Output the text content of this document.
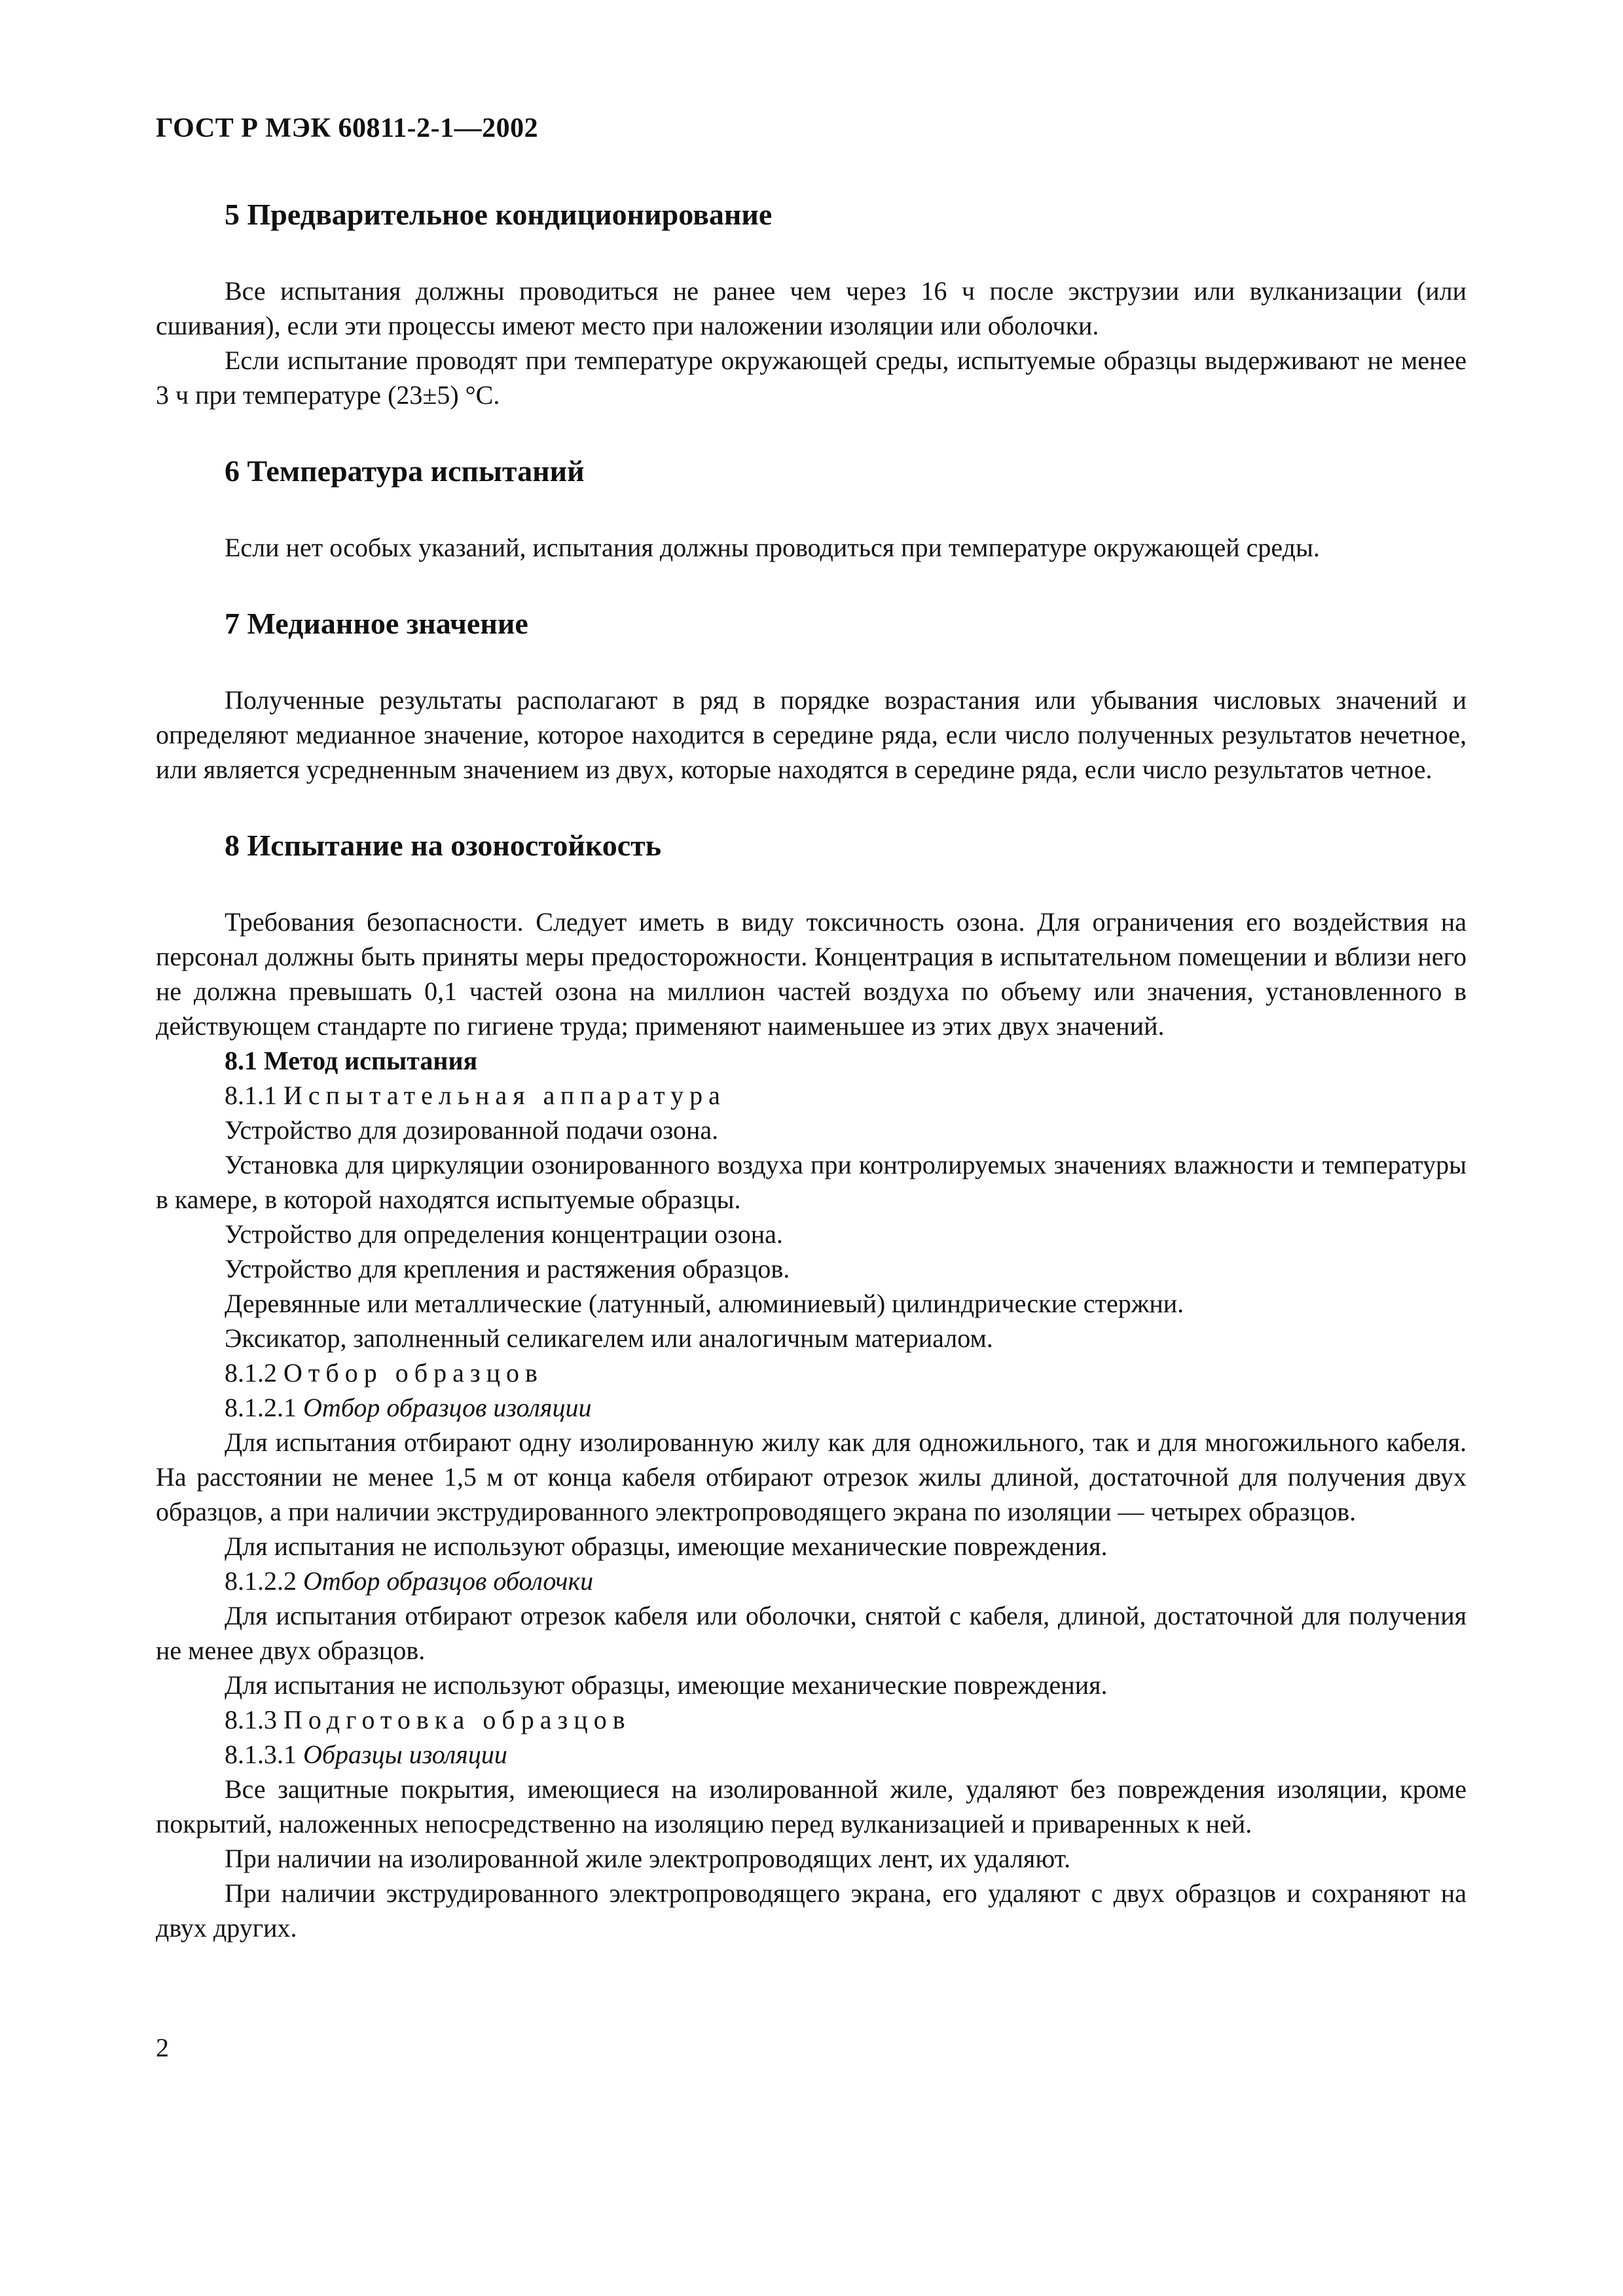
ГОСТ Р МЭК 60811-2-1—2002
5 Предварительное кондиционирование

Все испытания должны проводиться не ранее чем через 16 ч после экструзии или вулканизации (или сшивания), если эти процессы имеют место при наложении изоляции или оболочки.

Если испытание проводят при температуре окружающей среды, испытуемые образцы выдерживают не менее 3 ч при температуре (23±5) °С.

6 Температура испытаний

Если нет особых указаний, испытания должны проводиться при температуре окружающей среды.

7 Медианное значение

Полученные результаты располагают в ряд в порядке возрастания или убывания числовых значений и определяют медианное значение, которое находится в середине ряда, если число полученных результатов нечетное, или является усредненным значением из двух, которые находятся в середине ряда, если число результатов четное.

8 Испытание на озоностойкость

Требования безопасности. Следует иметь в виду токсичность озона. Для ограничения его воздействия на персонал должны быть приняты меры предосторожности. Концентрация в испытательном помещении и вблизи него не должна превышать 0,1 частей озона на миллион частей воздуха по объему или значения, установленного в действующем стандарте по гигиене труда; применяют наименьшее из этих двух значений.

8.1 Метод испытания
8.1.1 Испытательная аппаратура

Устройство для дозированной подачи озона.

Установка для циркуляции озонированного воздуха при контролируемых значениях влажности и температуры в камере, в которой находятся испытуемые образцы.

Устройство для определения концентрации озона.

Устройство для крепления и растяжения образцов.

Деревянные или металлические (латунный, алюминиевый) цилиндрические стержни.

Эксикатор, заполненный селикагелем или аналогичным материалом.

8.1.2 Отбор образцов
8.1.2.1 Отбор образцов изоляции

Для испытания отбирают одну изолированную жилу как для одножильного, так и для многожильного кабеля. На расстоянии не менее 1,5 м от конца кабеля отбирают отрезок жилы длиной, достаточной для получения двух образцов, а при наличии экструдированного электропроводящего экрана по изоляции — четырех образцов.

Для испытания не используют образцы, имеющие механические повреждения.

8.1.2.2 Отбор образцов оболочки

Для испытания отбирают отрезок кабеля или оболочки, снятой с кабеля, длиной, достаточной для получения не менее двух образцов.

Для испытания не используют образцы, имеющие механические повреждения.

8.1.3 Подготовка образцов
8.1.3.1 Образцы изоляции

Все защитные покрытия, имеющиеся на изолированной жиле, удаляют без повреждения изоляции, кроме покрытий, наложенных непосредственно на изоляцию перед вулканизацией и приваренных к ней.

При наличии на изолированной жиле электропроводящих лент, их удаляют.

При наличии экструдированного электропроводящего экрана, его удаляют с двух образцов и сохраняют на двух других.

2
